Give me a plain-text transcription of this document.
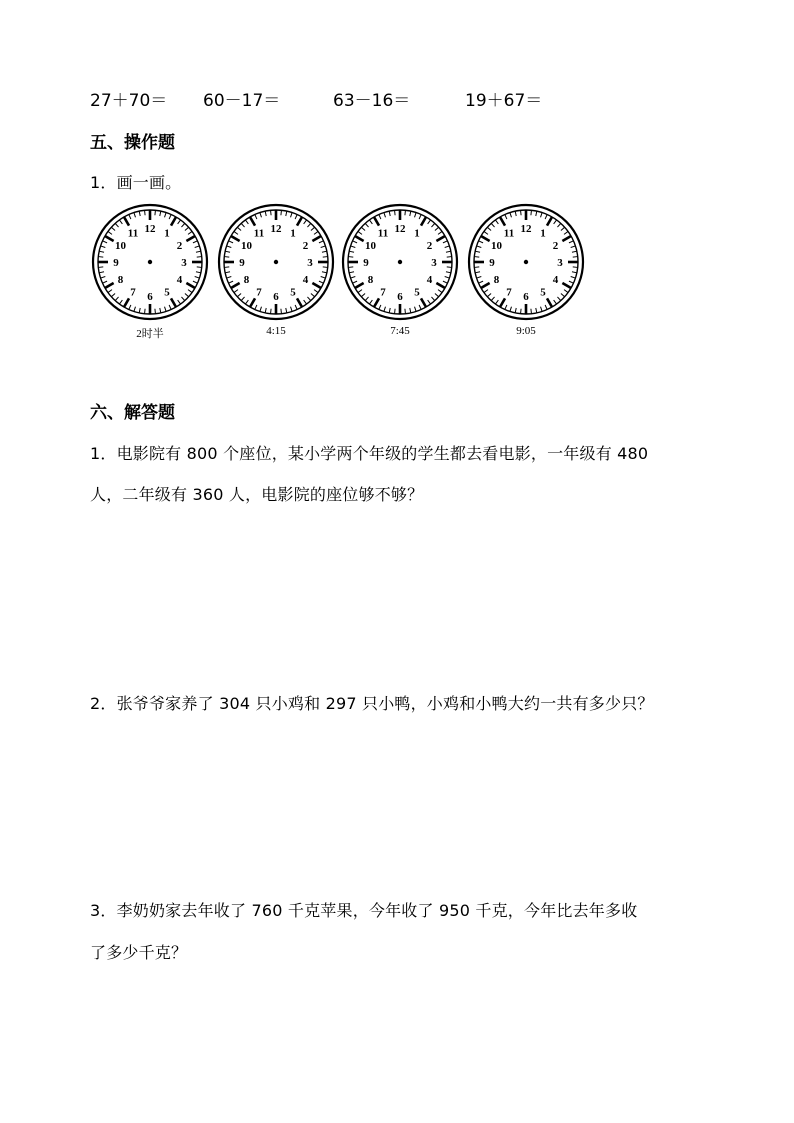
27＋70＝ 60－17＝	63－16＝	19＋67＝
五、操作题
1．画一画。
12 1
2
3
4
5
6
7
8
9
10
11
2时半
12 1
2
3
4
5
6
7
8
9
10
11
4:15
12 1
2
3
4
5
6
7
8
9
10
11
7:45
12 1
2
3
4
5
6
7
8
9
10
11
9:05
六、解答题
1．电影院有 800 个座位，某小学两个年级的学生都去看电影，一年级有 480
人，二年级有 360 人，电影院的座位够不够？
2．张爷爷家养了 304 只小鸡和 297 只小鸭，小鸡和小鸭大约一共有多少只？
3．李奶奶家去年收了 760 千克苹果，今年收了 950 千克，今年比去年多收
了多少千克？
